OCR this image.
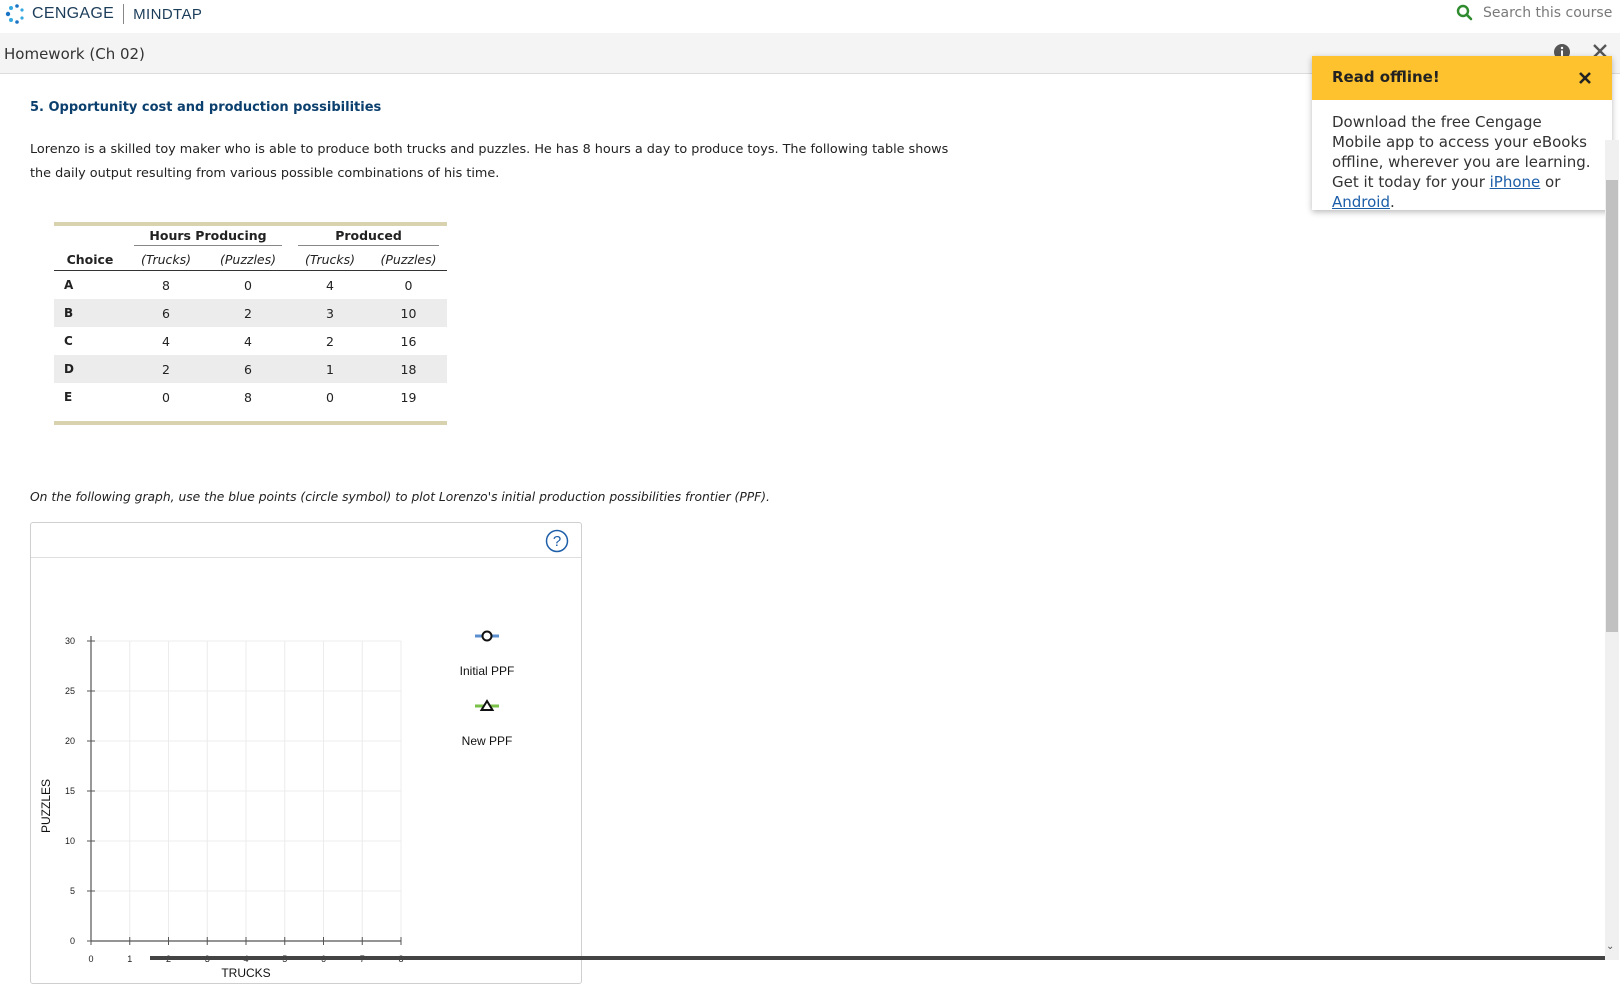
CENGAGE MINDTAP	Search this course
Homework (Ch 02)
5. Opportunity cost and production possibilities
Lorenzo is a skilled toy maker who is able to produce both trucks and puzzles. He has 8 hours a day to produce toys. The following table shows the daily output resulting from various possible combinations of his time.

	Hours Producing		Produced	

Choice	(Trucks)	(Puzzles)	(Trucks)	(Puzzles)
A	8	0	4	0
B	6	2	3	10
C	4	4	2	16
D	2	6	1	18
E	0	8	0	19

On the following graph, use the blue points (circle symbol) to plot Lorenzo's initial production possibilities frontier (PPF).
?
0	1
0
5
10
15
20
25
30
TRUCKS
PUZZLES
Initial PPF
New PPF
Read offline!
Download the free Cengage Mobile app to access your eBooks offline, wherever you are learning. Get it today for your iPhone or Android.
⌄
